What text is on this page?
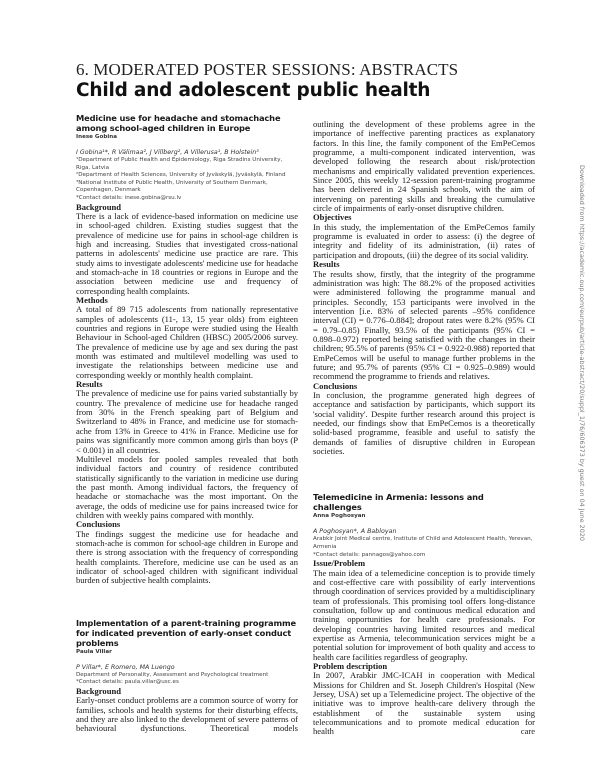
6. MODERATED POSTER SESSIONS: ABSTRACTS
Child and adolescent public health
Medicine use for headache and stomachache among school-aged children in Europe
Inese Gobina
I Gobina¹*, R Välimaa², J Villberg², A Villerusa¹, B Holstein³
¹Department of Public Health and Epidemiology, Riga Stradins University, Riga, Latvia
²Department of Health Sciences, University of Jyväskylä, Jyväskylä, Finland
³National Institute of Public Health, University of Southern Denmark, Copenhagen, Denmark
*Contact details: inese.gobina@rsu.lv

Background

There is a lack of evidence-based information on medicine use in school-aged children. Existing studies suggest that the prevalence of medicine use for pains in school-age children is high and increasing. Studies that investigated cross-national patterns in adolescents' medicine use practice are rare. This study aims to investigate adolescents' medicine use for headache and stomach-ache in 18 countries or regions in Europe and the association between medicine use and frequency of corresponding health complaints.

Methods

A total of 89 715 adolescents from nationally representative samples of adolescents (11-, 13, 15 year olds) from eighteen countries and regions in Europe were studied using the Health Behaviour in School-aged Children (HBSC) 2005/2006 survey. The prevalence of medicine use by age and sex during the past month was estimated and multilevel modelling was used to investigate the relationships between medicine use and corresponding weekly or monthly health complaint.

Results

The prevalence of medicine use for pains varied substantially by country. The prevalence of medicine use for headache ranged from 30% in the French speaking part of Belgium and Switzerland to 48% in France, and medicine use for stomach-ache from 13% in Greece to 41% in France. Medicine use for pains was significantly more common among girls than boys (P < 0.001) in all countries.

Multilevel models for pooled samples revealed that both individual factors and country of residence contributed statistically significantly to the variation in medicine use during the past month. Among individual factors, the frequency of headache or stomachache was the most important. On the average, the odds of medicine use for pains increased twice for children with weekly pains compared with monthly.

Conclusions

The findings suggest the medicine use for headache and stomach-ache is common for school-age children in Europe and there is strong association with the frequency of corresponding health complaints. Therefore, medicine use can be used as an indicator of school-aged children with significant individual burden of subjective health complaints.

Implementation of a parent-training programme for indicated prevention of early-onset conduct problems
Paula Villar
P Villar*, E Romero, MA Luengo
Department of Personality, Assessment and Psychological treatment
*Contact details: paula.villar@usc.es

Background

Early-onset conduct problems are a common source of worry for families, schools and health systems for their disturbing effects, and they are also linked to the development of severe patterns of behavioural dysfunctions. Theoretical models

outlining the development of these problems agree in the importance of ineffective parenting practices as explanatory factors. In this line, the family component of the EmPeCemos programme, a multi-component indicated intervention, was developed following the research about risk/protection mechanisms and empirically validated prevention experiences. Since 2005, this weekly 12-session parent-training programme has been delivered in 24 Spanish schools, with the aim of intervening on parenting skills and breaking the cumulative circle of impairments of early-onset disruptive children.

Objectives

In this study, the implementation of the EmPeCemos family programme is evaluated in order to assess: (i) the degree of integrity and fidelity of its administration, (ii) rates of participation and dropouts, (iii) the degree of its social validity.

Results

The results show, firstly, that the integrity of the programme administration was high: The 88.2% of the proposed activities were administered following the programme manual and principles. Secondly, 153 participants were involved in the intervention [i.e. 83% of selected parents –95% confidence interval (CI) = 0.776–0.884]; dropout rates were 8.2% (95% CI = 0.79–0.85) Finally, 93.5% of the participants (95% CI = 0.898–0.972) reported being satisfied with the changes in their children; 95.5% of parents (95% CI = 0.922-0.988) reported that EmPeCemos will be useful to manage further problems in the future; and 95.7% of parents (95% CI = 0.925–0.989) would recommend the programme to friends and relatives.

Conclusions

In conclusion, the programme generated high degrees of acceptance and satisfaction by participants, which support its 'social validity'. Despite further research around this project is needed, our findings show that EmPeCemos is a theoretically solid-based programme, feasible and useful to satisfy the demands of families of disruptive children in European societies.

Telemedicine in Armenia: lessons and challenges
Anna Poghosyan
A Poghosyan*, A Babloyan
Arabkir Joint Medical centre, Institute of Child and Adolescent Health, Yerevan, Armenia
*Contact details: pannagos@yahoo.com

Issue/Problem

The main idea of a telemedicine conception is to provide timely and cost-effective care with possibility of early interventions through coordination of services provided by a multidisciplinary team of professionals. This promising tool offers long-distance consultation, follow up and continuous medical education and training opportunities for health care professionals. For developing countries having limited resources and medical expertise as Armenia, telecommunication services might be a potential solution for improvement of both quality and access to health care facilities regardless of geography.

Problem description

In 2007, Arabkir JMC-ICAH in cooperation with Medical Missions for Children and St. Joseph Children's Hospital (New Jersey, USA) set up a Telemedicine project. The objective of the initiative was to improve health-care delivery through the establishment of the sustainable system using telecommunications and to promote medical education for health care

Downloaded from https://academic.oup.com/eurpub/article-abstract/20/suppl_1/76/606373 by guest on 04 June 2020
